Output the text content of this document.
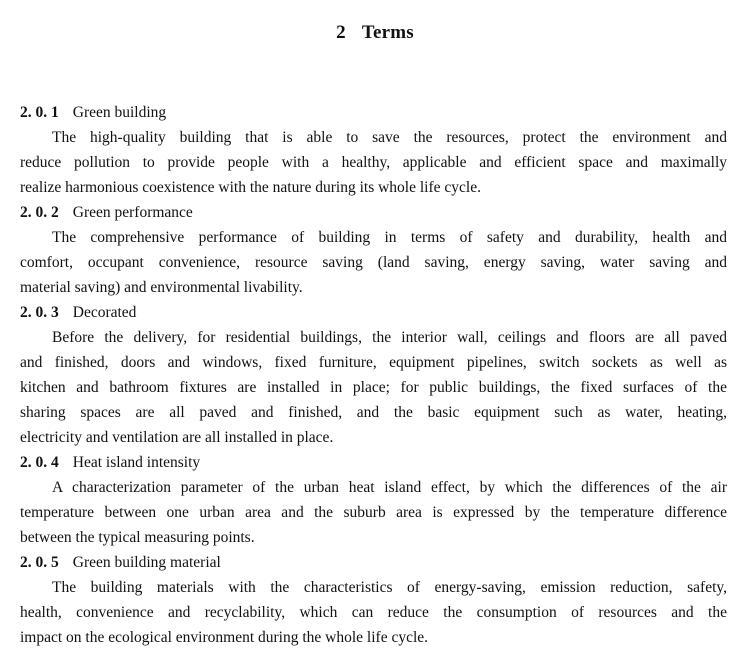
2 Terms
2. 0. 1 Green building
The high-quality building that is able to save the resources, protect the environment and
reduce pollution to provide people with a healthy, applicable and efficient space and maximally
realize harmonious coexistence with the nature during its whole life cycle.
2. 0. 2 Green performance
The comprehensive performance of building in terms of safety and durability, health and
comfort, occupant convenience, resource saving (land saving, energy saving, water saving and
material saving) and environmental livability.
2. 0. 3 Decorated
Before the delivery, for residential buildings, the interior wall, ceilings and floors are all paved
and finished, doors and windows, fixed furniture, equipment pipelines, switch sockets as well as
kitchen and bathroom fixtures are installed in place; for public buildings, the fixed surfaces of the
sharing spaces are all paved and finished, and the basic equipment such as water, heating,
electricity and ventilation are all installed in place.
2. 0. 4 Heat island intensity
A characterization parameter of the urban heat island effect, by which the differences of the air
temperature between one urban area and the suburb area is expressed by the temperature difference
between the typical measuring points.
2. 0. 5 Green building material
The building materials with the characteristics of energy-saving, emission reduction, safety,
health, convenience and recyclability, which can reduce the consumption of resources and the
impact on the ecological environment during the whole life cycle.
